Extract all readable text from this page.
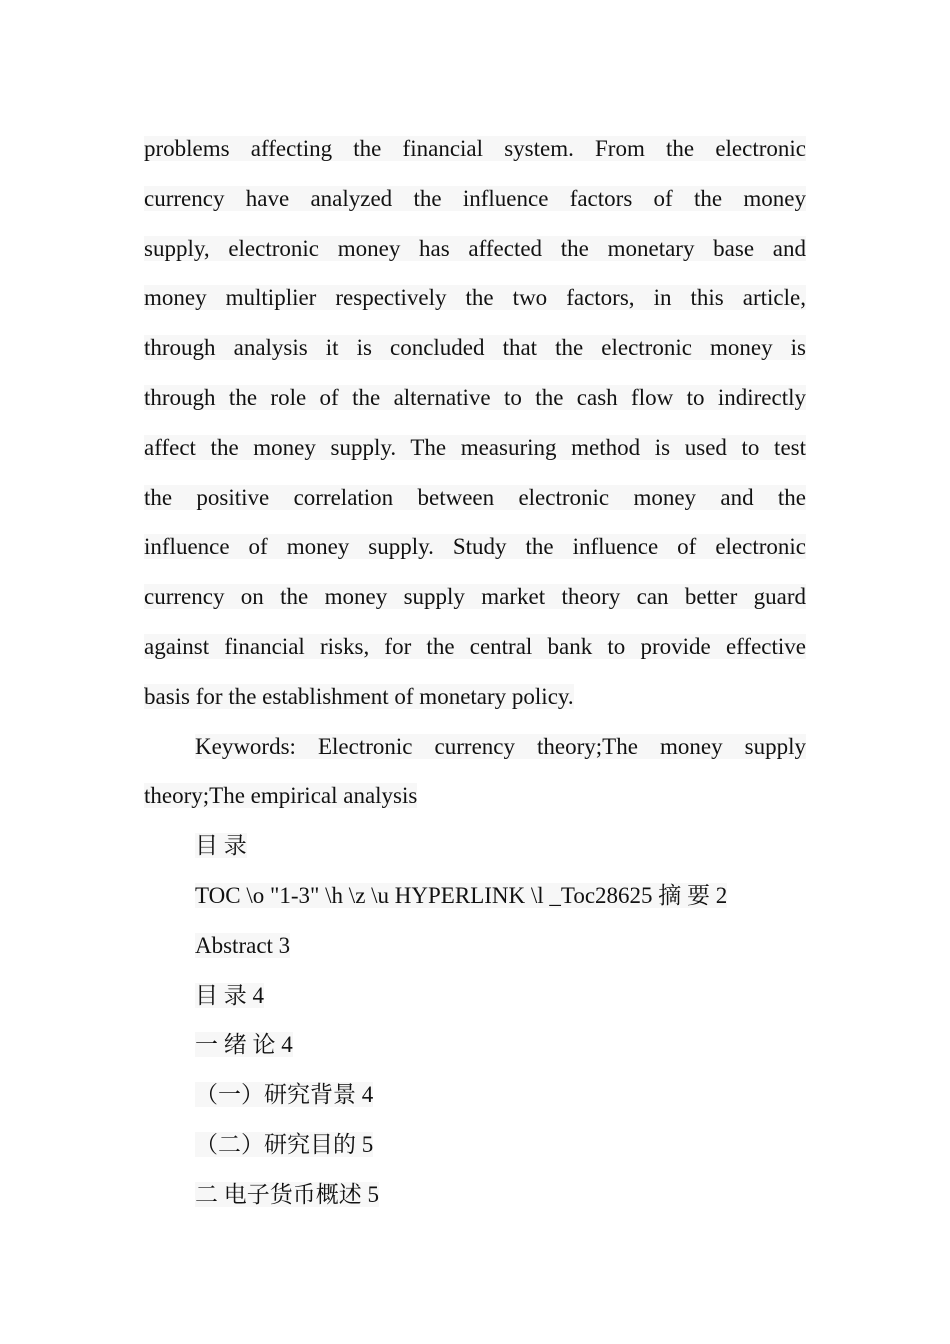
problems affecting the financial system. From the electronic
currency have analyzed the influence factors of the money
supply, electronic money has affected the monetary base and
money multiplier respectively the two factors, in this article,
through analysis it is concluded that the electronic money is
through the role of the alternative to the cash flow to indirectly
affect the money supply. The measuring method is used to test
the positive correlation between electronic money and the
influence of money supply. Study the influence of electronic
currency on the money supply market theory can better guard
against financial risks, for the central bank to provide effective
basis for the establishment of monetary policy.
Keywords: Electronic currency theory;The money supply
theory;The empirical analysis
目 录
TOC \o "1-3" \h \z \u HYPERLINK \l _Toc28625 摘 要 2
Abstract 3
目 录 4
一 绪 论 4
（一）研究背景 4
（二）研究目的 5
二 电子货币概述 5
